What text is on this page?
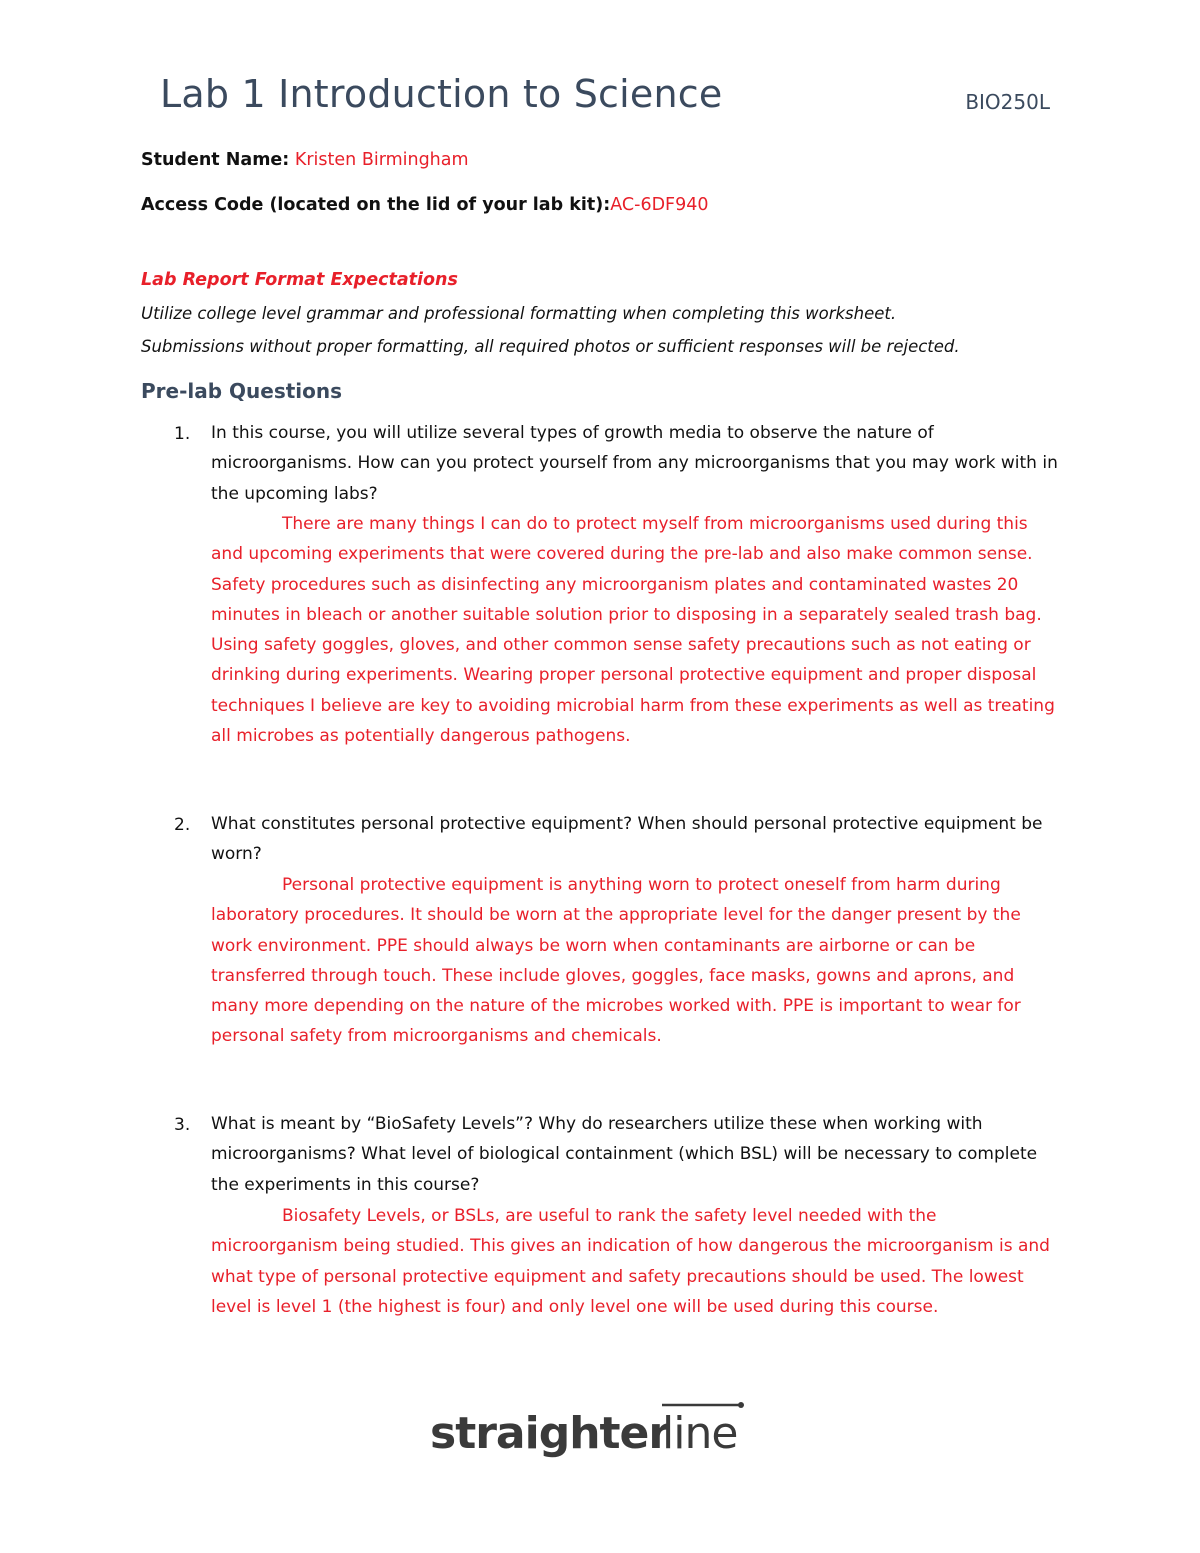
Lab 1 Introduction to Science	BIO250L
Student Name: Kristen Birmingham
Access Code (located on the lid of your lab kit):AC-6DF940
Lab Report Format Expectations
Utilize college level grammar and professional formatting when completing this worksheet.
Submissions without proper formatting, all required photos or sufficient responses will be rejected.
Pre-lab Questions
1. In this course, you will utilize several types of growth media to observe the nature of microorganisms. How can you protect yourself from any microorganisms that you may work with in the upcoming labs?
There are many things I can do to protect myself from microorganisms used during this and upcoming experiments that were covered during the pre-lab and also make common sense. Safety procedures such as disinfecting any microorganism plates and contaminated wastes 20 minutes in bleach or another suitable solution prior to disposing in a separately sealed trash bag. Using safety goggles, gloves, and other common sense safety precautions such as not eating or drinking during experiments. Wearing proper personal protective equipment and proper disposal techniques I believe are key to avoiding microbial harm from these experiments as well as treating all microbes as potentially dangerous pathogens.
2. What constitutes personal protective equipment? When should personal protective equipment be worn?
Personal protective equipment is anything worn to protect oneself from harm during laboratory procedures. It should be worn at the appropriate level for the danger present by the work environment. PPE should always be worn when contaminants are airborne or can be transferred through touch. These include gloves, goggles, face masks, gowns and aprons, and many more depending on the nature of the microbes worked with. PPE is important to wear for personal safety from microorganisms and chemicals.
3. What is meant by “BioSafety Levels”? Why do researchers utilize these when working with microorganisms? What level of biological containment (which BSL) will be necessary to complete the experiments in this course?
Biosafety Levels, or BSLs, are useful to rank the safety level needed with the microorganism being studied. This gives an indication of how dangerous the microorganism is and what type of personal protective equipment and safety precautions should be used. The lowest level is level 1 (the highest is four) and only level one will be used during this course.
straighter
line
